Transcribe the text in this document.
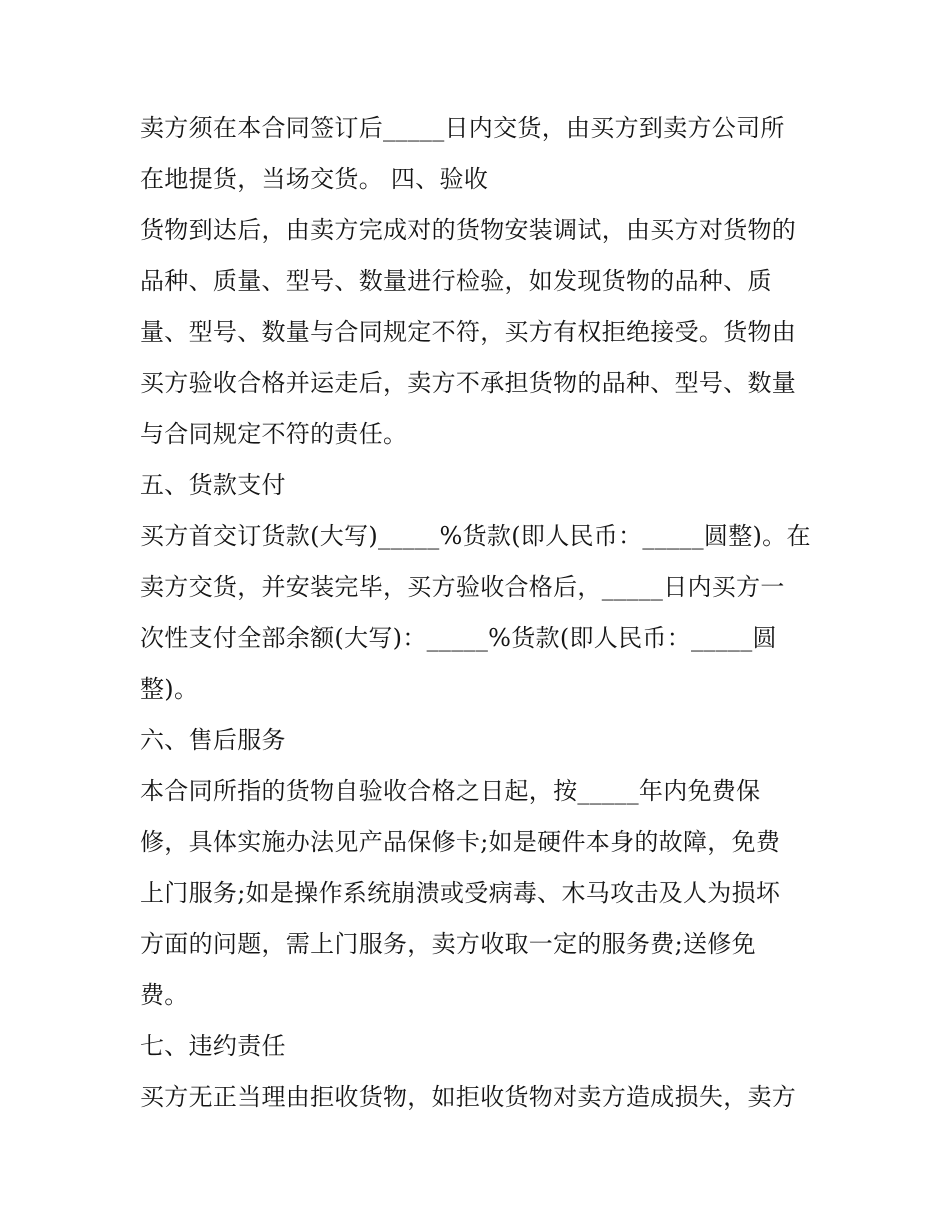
卖方须在本合同签订后_____日内交货，由买方到卖方公司所
在地提货，当场交货。 四、验收
货物到达后，由卖方完成对的货物安装调试，由买方对货物的
品种、质量、型号、数量进行检验，如发现货物的品种、质
量、型号、数量与合同规定不符，买方有权拒绝接受。货物由
买方验收合格并运走后，卖方不承担货物的品种、型号、数量
与合同规定不符的责任。
五、货款支付
买方首交订货款(大写)_____%货款(即人民币：_____圆整)。在
卖方交货，并安装完毕，买方验收合格后，_____日内买方一
次性支付全部余额(大写)：_____%货款(即人民币：_____圆
整)。
六、售后服务
本合同所指的货物自验收合格之日起，按_____年内免费保
修，具体实施办法见产品保修卡;如是硬件本身的故障，免费
上门服务;如是操作系统崩溃或受病毒、木马攻击及人为损坏
方面的问题，需上门服务，卖方收取一定的服务费;送修免
费。
七、违约责任
买方无正当理由拒收货物，如拒收货物对卖方造成损失，卖方
